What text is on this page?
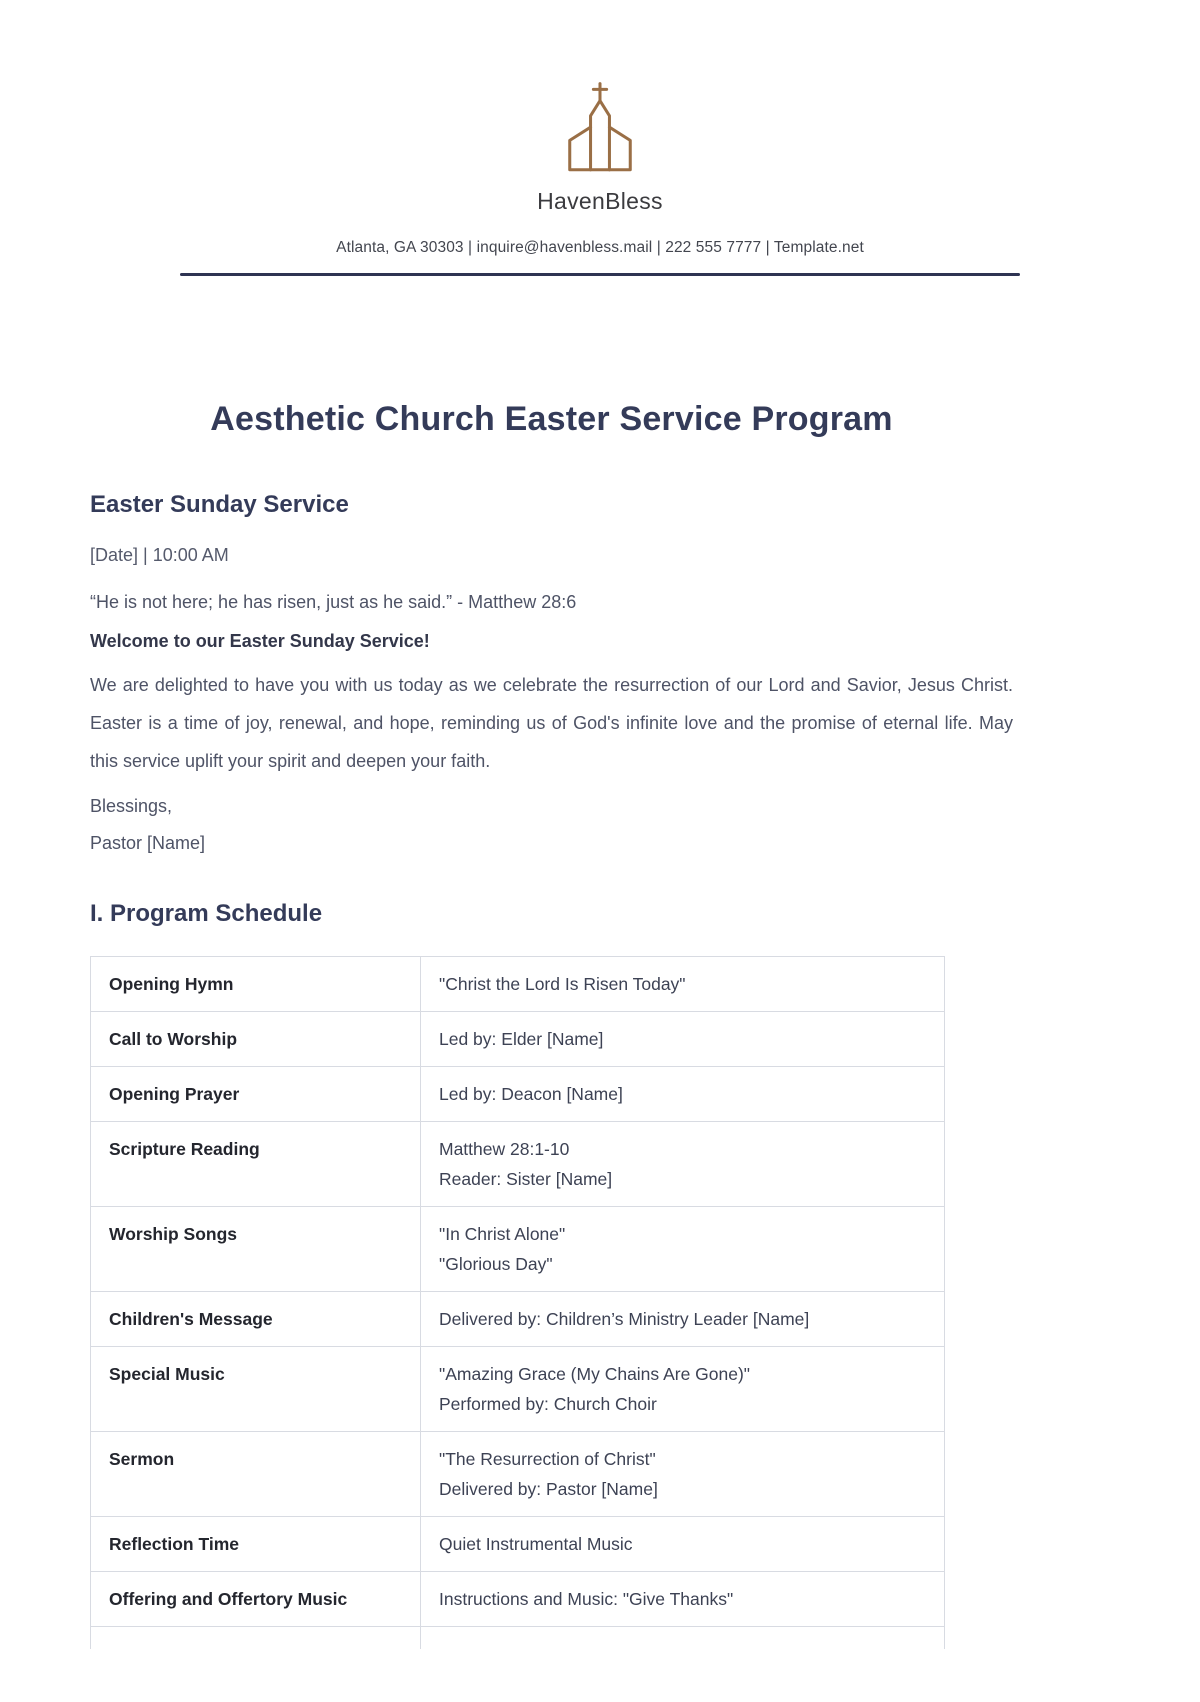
HavenBless
Atlanta, GA 30303 | inquire@havenbless.mail | 222 555 7777 | Template.net
Aesthetic Church Easter Service Program
Easter Sunday Service

[Date] | 10:00 AM

“He is not here; he has risen, just as he said.” - Matthew 28:6

Welcome to our Easter Sunday Service!

We are delighted to have you with us today as we celebrate the resurrection of our Lord and Savior, Jesus Christ. Easter is a time of joy, renewal, and hope, reminding us of God's infinite love and the promise of eternal life. May this service uplift your spirit and deepen your faith.

Blessings,

Pastor [Name]

I. Program Schedule
Opening Hymn	"Christ the Lord Is Risen Today"

Call to Worship	Led by: Elder [Name]

Opening Prayer	Led by: Deacon [Name]

Scripture Reading	Matthew 28:1-10
Reader: Sister [Name]

Worship Songs	"In Christ Alone"
"Glorious Day"

Children's Message	Delivered by: Children’s Ministry Leader [Name]

Special Music	"Amazing Grace (My Chains Are Gone)"
Performed by: Church Choir

Sermon	"The Resurrection of Christ"
Delivered by: Pastor [Name]

Reflection Time	Quiet Instrumental Music

Offering and Offertory Music	Instructions and Music: "Give Thanks"
